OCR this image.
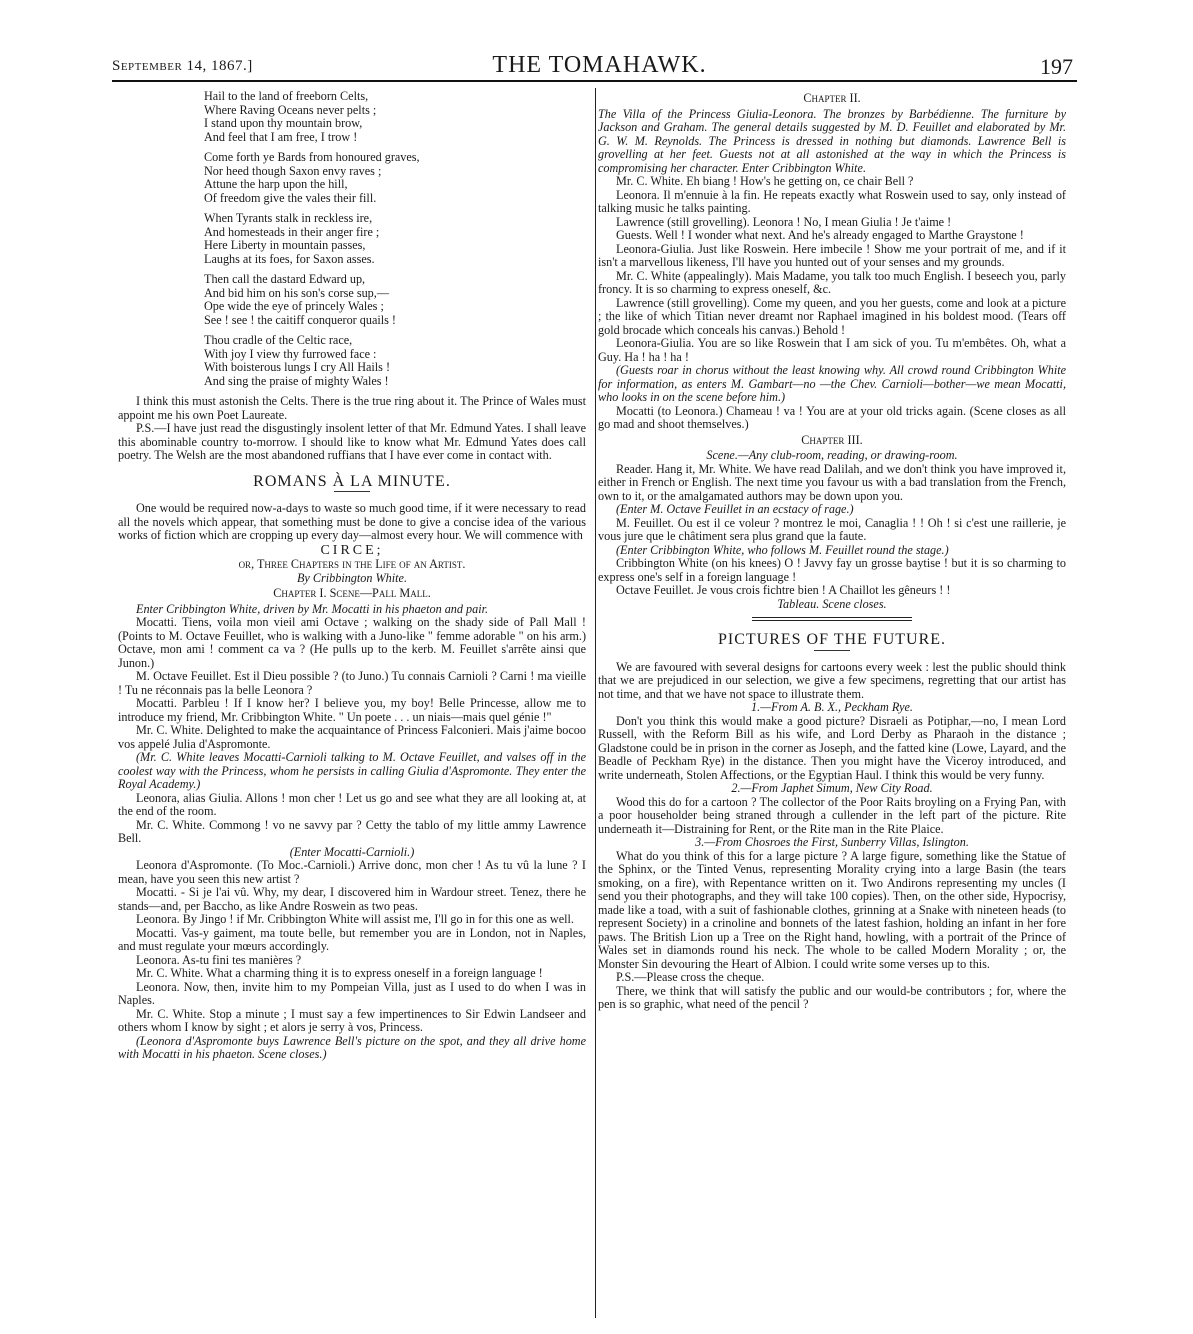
September 14, 1867.]	THE TOMAHAWK.	197
Hail to the land of freeborn Celts,
Where Raving Oceans never pelts ;
I stand upon thy mountain brow,
And feel that I am free, I trow !
Come forth ye Bards from honoured graves,
Nor heed though Saxon envy raves ;
Attune the harp upon the hill,
Of freedom give the vales their fill.
When Tyrants stalk in reckless ire,
And homesteads in their anger fire ;
Here Liberty in mountain passes,
Laughs at its foes, for Saxon asses.
Then call the dastard Edward up,
And bid him on his son's corse sup,—
Ope wide the eye of princely Wales ;
See ! see ! the caitiff conqueror quails !
Thou cradle of the Celtic race,
With joy I view thy furrowed face :
With boisterous lungs I cry All Hails !
And sing the praise of mighty Wales !

I think this must astonish the Celts. There is the true ring about it. The Prince of Wales must appoint me his own Poet Laureate.

P.S.—I have just read the disgustingly insolent letter of that Mr. Edmund Yates. I shall leave this abominable country to-morrow. I should like to know what Mr. Edmund Yates does call poetry. The Welsh are the most abandoned ruffians that I have ever come in contact with.

ROMANS À LA MINUTE.

One would be required now-a-days to waste so much good time, if it were necessary to read all the novels which appear, that something must be done to give a concise idea of the various works of fiction which are cropping up every day—almost every hour. We will commence with

CIRCE;

or, Three Chapters in the Life of an Artist.

By Cribbington White.

Chapter I. Scene—Pall Mall.

Enter Cribbington White, driven by Mr. Mocatti in his phaeton and pair.

Mocatti. Tiens, voila mon vieil ami Octave ; walking on the shady side of Pall Mall ! (Points to M. Octave Feuillet, who is walking with a Juno-like " femme adorable " on his arm.) Octave, mon ami ! comment ca va ? (He pulls up to the kerb. M. Feuillet s'arrête ainsi que Junon.)

M. Octave Feuillet. Est il Dieu possible ? (to Juno.) Tu connais Carnioli ? Carni ! ma vieille ! Tu ne réconnais pas la belle Leonora ?

Mocatti. Parbleu ! If I know her? I believe you, my boy! Belle Princesse, allow me to introduce my friend, Mr. Cribbington White. " Un poete . . . un niais—mais quel génie !"

Mr. C. White. Delighted to make the acquaintance of Princess Falconieri. Mais j'aime bocoo vos appelé Julia d'Aspromonte.

(Mr. C. White leaves Mocatti-Carnioli talking to M. Octave Feuillet, and valses off in the coolest way with the Princess, whom he persists in calling Giulia d'Aspromonte. They enter the Royal Academy.)

Leonora, alias Giulia. Allons ! mon cher ! Let us go and see what they are all looking at, at the end of the room.

Mr. C. White. Commong ! vo ne savvy par ? Cetty the tablo of my little ammy Lawrence Bell.

(Enter Mocatti-Carnioli.)

Leonora d'Aspromonte. (To Moc.-Carnioli.) Arrive donc, mon cher ! As tu vû la lune ? I mean, have you seen this new artist ?

Mocatti. - Si je l'ai vû. Why, my dear, I discovered him in Wardour street. Tenez, there he stands—and, per Baccho, as like Andre Roswein as two peas.

Leonora. By Jingo ! if Mr. Cribbington White will assist me, I'll go in for this one as well.

Mocatti. Vas-y gaiment, ma toute belle, but remember you are in London, not in Naples, and must regulate your mœurs accordingly.

Leonora. As-tu fini tes manières ?

Mr. C. White. What a charming thing it is to express oneself in a foreign language !

Leonora. Now, then, invite him to my Pompeian Villa, just as I used to do when I was in Naples.

Mr. C. White. Stop a minute ; I must say a few impertinences to Sir Edwin Landseer and others whom I know by sight ; et alors je serry à vos, Princess.

(Leonora d'Aspromonte buys Lawrence Bell's picture on the spot, and they all drive home with Mocatti in his phaeton. Scene closes.)

Chapter II.

The Villa of the Princess Giulia-Leonora. The bronzes by Barbédienne. The furniture by Jackson and Graham. The general details suggested by M. D. Feuillet and elaborated by Mr. G. W. M. Reynolds. The Princess is dressed in nothing but diamonds. Lawrence Bell is grovelling at her feet. Guests not at all astonished at the way in which the Princess is compromising her character. Enter Cribbington White.

Mr. C. White. Eh biang ! How's he getting on, ce chair Bell ?

Leonora. Il m'ennuie à la fin. He repeats exactly what Roswein used to say, only instead of talking music he talks painting.

Lawrence (still grovelling). Leonora ! No, I mean Giulia ! Je t'aime !

Guests. Well ! I wonder what next. And he's already engaged to Marthe Graystone !

Leonora-Giulia. Just like Roswein. Here imbecile ! Show me your portrait of me, and if it isn't a marvellous likeness, I'll have you hunted out of your senses and my grounds.

Mr. C. White (appealingly). Mais Madame, you talk too much English. I beseech you, parly froncy. It is so charming to express oneself, &c.

Lawrence (still grovelling). Come my queen, and you her guests, come and look at a picture ; the like of which Titian never dreamt nor Raphael imagined in his boldest mood. (Tears off gold brocade which conceals his canvas.) Behold !

Leonora-Giulia. You are so like Roswein that I am sick of you. Tu m'embêtes. Oh, what a Guy. Ha ! ha ! ha !

(Guests roar in chorus without the least knowing why. All crowd round Cribbington White for information, as enters M. Gambart—no —the Chev. Carnioli—bother—we mean Mocatti, who looks in on the scene before him.)

Mocatti (to Leonora.) Chameau ! va ! You are at your old tricks again. (Scene closes as all go mad and shoot themselves.)

Chapter III.

Scene.—Any club-room, reading, or drawing-room.

Reader. Hang it, Mr. White. We have read Dalilah, and we don't think you have improved it, either in French or English. The next time you favour us with a bad translation from the French, own to it, or the amalgamated authors may be down upon you.

(Enter M. Octave Feuillet in an ecstacy of rage.)

M. Feuillet. Ou est il ce voleur ? montrez le moi, Canaglia ! ! Oh ! si c'est une raillerie, je vous jure que le châtiment sera plus grand que la faute.

(Enter Cribbington White, who follows M. Feuillet round the stage.)

Cribbington White (on his knees) O ! Javvy fay un grosse baytise ! but it is so charming to express one's self in a foreign language !

Octave Feuillet. Je vous crois fichtre bien ! A Chaillot les gêneurs ! !

Tableau. Scene closes.

PICTURES OF THE FUTURE.

We are favoured with several designs for cartoons every week : lest the public should think that we are prejudiced in our selection, we give a few specimens, regretting that our artist has not time, and that we have not space to illustrate them.

1.—From A. B. X., Peckham Rye.

Don't you think this would make a good picture? Disraeli as Potiphar,—no, I mean Lord Russell, with the Reform Bill as his wife, and Lord Derby as Pharaoh in the distance ; Gladstone could be in prison in the corner as Joseph, and the fatted kine (Lowe, Layard, and the Beadle of Peckham Rye) in the distance. Then you might have the Viceroy introduced, and write underneath, Stolen Affections, or the Egyptian Haul. I think this would be very funny.

2.—From Japhet Simum, New City Road.

Wood this do for a cartoon ? The collector of the Poor Raits broyling on a Frying Pan, with a poor householder being straned through a cullender in the left part of the picture. Rite underneath it—Distraining for Rent, or the Rite man in the Rite Plaice.

3.—From Chosroes the First, Sunberry Villas, Islington.

What do you think of this for a large picture ? A large figure, something like the Statue of the Sphinx, or the Tinted Venus, representing Morality crying into a large Basin (the tears smoking, on a fire), with Repentance written on it. Two Andirons representing my uncles (I send you their photographs, and they will take 100 copies). Then, on the other side, Hypocrisy, made like a toad, with a suit of fashionable clothes, grinning at a Snake with nineteen heads (to represent Society) in a crinoline and bonnets of the latest fashion, holding an infant in her fore paws. The British Lion up a Tree on the Right hand, howling, with a portrait of the Prince of Wales set in diamonds round his neck. The whole to be called Modern Morality ; or, the Monster Sin devouring the Heart of Albion. I could write some verses up to this.

P.S.—Please cross the cheque.

There, we think that will satisfy the public and our would-be contributors ; for, where the pen is so graphic, what need of the pencil ?
